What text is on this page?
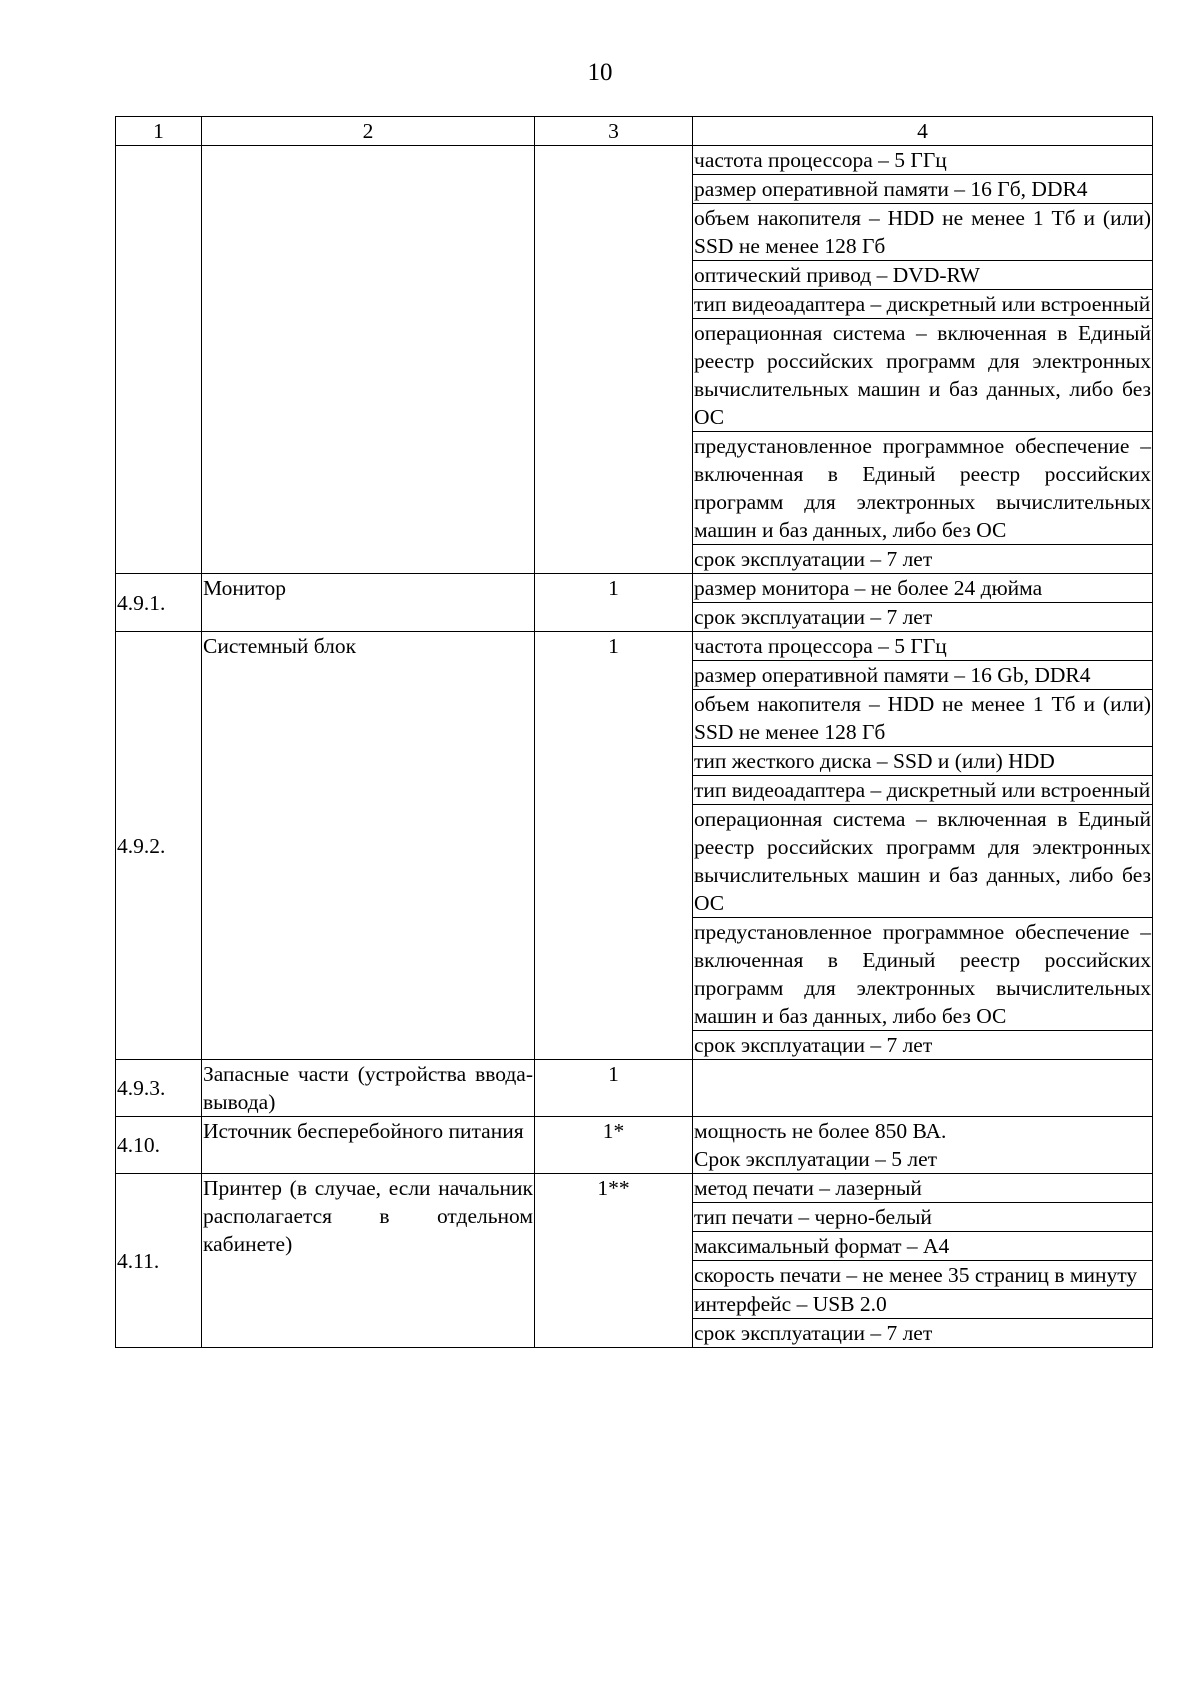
10
1	2	3	4
			частота процессора – 5 ГГц
			размер оперативной памяти – 16 Гб, DDR4
			объем накопителя – HDD не менее 1 Тб и (или) SSD не менее 128 Гб
			оптический привод – DVD-RW
			тип видеоадаптера – дискретный или встроенный
			операционная система – включенная в Единый реестр российских программ для электронных вычислительных машин и баз данных, либо без ОС
			предустановленное программное обеспечение – включенная в Единый реестр российских программ для электронных вычислительных машин и баз данных, либо без ОС
			срок эксплуатации – 7 лет
4.9.1.	Монитор	1	размер монитора – не более 24 дюйма
			срок эксплуатации – 7 лет
4.9.2.	Системный блок	1	частота процессора – 5 ГГц
			размер оперативной памяти – 16 Gb, DDR4
			объем накопителя – HDD не менее 1 Тб и (или) SSD не менее 128 Гб
			тип жесткого диска – SSD и (или) HDD
			тип видеоадаптера – дискретный или встроенный
			операционная система – включенная в Единый реестр российских программ для электронных вычислительных машин и баз данных, либо без ОС
			предустановленное программное обеспечение – включенная в Единый реестр российских программ для электронных вычислительных машин и баз данных, либо без ОС
			срок эксплуатации – 7 лет
4.9.3.	Запасные части (устройства ввода-вывода)	1	
4.10.	Источник бесперебойного питания	1*	мощность не более 850 ВА.
Срок эксплуатации – 5 лет
4.11.	Принтер (в случае, если начальник располагается в отдельном кабинете)	1**	метод печати – лазерный
			тип печати – черно-белый
			максимальный формат – А4
			скорость печати – не менее 35 страниц в минуту
			интерфейс – USB 2.0
			срок эксплуатации – 7 лет
